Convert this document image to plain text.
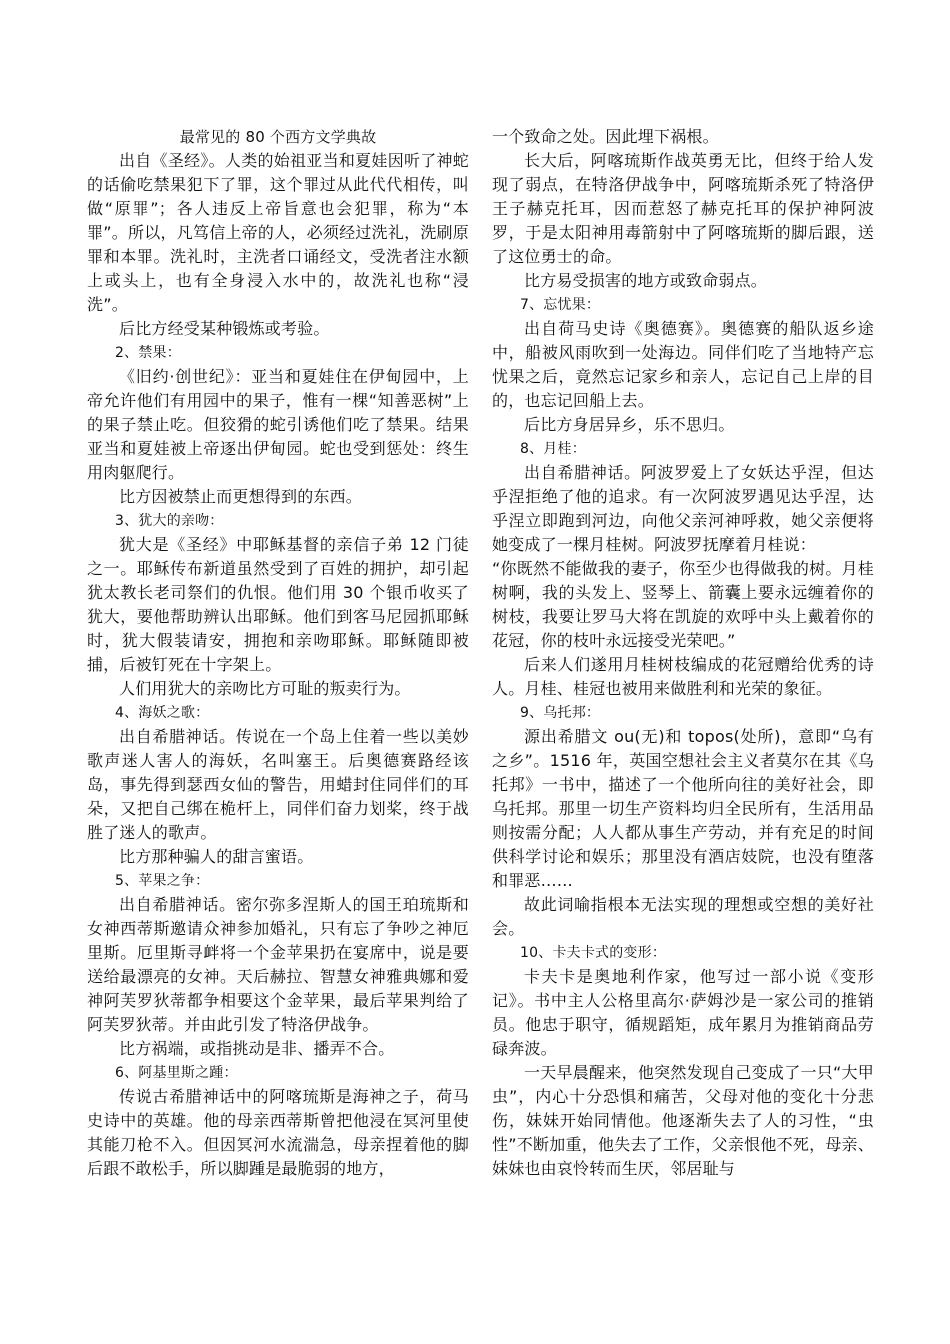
最常见的 80 个西方文学典故

出自《圣经》。人类的始祖亚当和夏娃因听了神蛇的话偷吃禁果犯下了罪，这个罪过从此代代相传，叫做“原罪”；各人违反上帝旨意也会犯罪，称为“本罪”。所以，凡笃信上帝的人，必须经过洗礼，洗刷原罪和本罪。洗礼时，主洗者口诵经文，受洗者注水额上或头上，也有全身浸入水中的，故洗礼也称“浸洗”。

后比方经受某种锻炼或考验。

2、禁果：

《旧约·创世纪》：亚当和夏娃住在伊甸园中，上帝允许他们有用园中的果子，惟有一棵“知善恶树”上的果子禁止吃。但狡猾的蛇引诱他们吃了禁果。结果亚当和夏娃被上帝逐出伊甸园。蛇也受到惩处：终生用肉躯爬行。

比方因被禁止而更想得到的东西。

3、犹大的亲吻：

犹大是《圣经》中耶稣基督的亲信子弟 12 门徒之一。耶稣传布新道虽然受到了百姓的拥护，却引起犹太教长老司祭们的仇恨。他们用 30 个银币收买了犹大，要他帮助辨认出耶稣。他们到客马尼园抓耶稣时，犹大假装请安，拥抱和亲吻耶稣。耶稣随即被捕，后被钉死在十字架上。

人们用犹大的亲吻比方可耻的叛卖行为。

4、海妖之歌：

出自希腊神话。传说在一个岛上住着一些以美妙歌声迷人害人的海妖，名叫塞王。后奥德赛路经该岛，事先得到瑟西女仙的警告，用蜡封住同伴们的耳朵，又把自己绑在桅杆上，同伴们奋力划桨，终于战胜了迷人的歌声。

比方那种骗人的甜言蜜语。

5、苹果之争：

出自希腊神话。密尔弥多涅斯人的国王珀琉斯和女神西蒂斯邀请众神参加婚礼，只有忘了争吵之神厄里斯。厄里斯寻衅将一个金苹果扔在宴席中，说是要送给最漂亮的女神。天后赫拉、智慧女神雅典娜和爱神阿芙罗狄蒂都争相要这个金苹果，最后苹果判给了阿芙罗狄蒂。并由此引发了特洛伊战争。

比方祸端，或指挑动是非、播弄不合。

6、阿基里斯之踵：

传说古希腊神话中的阿喀琉斯是海神之子，荷马史诗中的英雄。他的母亲西蒂斯曾把他浸在冥河里使其能刀枪不入。但因冥河水流湍急，母亲捏着他的脚后跟不敢松手，所以脚踵是最脆弱的地方，

一个致命之处。因此埋下祸根。

长大后，阿喀琉斯作战英勇无比，但终于给人发现了弱点，在特洛伊战争中，阿喀琉斯杀死了特洛伊王子赫克托耳，因而惹怒了赫克托耳的保护神阿波罗，于是太阳神用毒箭射中了阿喀琉斯的脚后跟，送了这位勇士的命。

比方易受损害的地方或致命弱点。

7、忘忧果：

出自荷马史诗《奥德赛》。奥德赛的船队返乡途中，船被风雨吹到一处海边。同伴们吃了当地特产忘忧果之后，竟然忘记家乡和亲人，忘记自己上岸的目的，也忘记回船上去。

后比方身居异乡，乐不思归。

8、月桂：

出自希腊神话。阿波罗爱上了女妖达乎涅，但达乎涅拒绝了他的追求。有一次阿波罗遇见达乎涅，达乎涅立即跑到河边，向他父亲河神呼救，她父亲便将她变成了一棵月桂树。阿波罗抚摩着月桂说：

“你既然不能做我的妻子，你至少也得做我的树。月桂树啊，我的头发上、竖琴上、箭囊上要永远缠着你的树枝，我要让罗马大将在凯旋的欢呼中头上戴着你的花冠，你的枝叶永远接受光荣吧。”

后来人们遂用月桂树枝编成的花冠赠给优秀的诗人。月桂、桂冠也被用来做胜利和光荣的象征。

9、乌托邦：

源出希腊文 ou(无)和 topos(处所)，意即“乌有之乡”。1516 年，英国空想社会主义者莫尔在其《乌托邦》一书中，描述了一个他所向往的美好社会，即乌托邦。那里一切生产资料均归全民所有，生活用品则按需分配；人人都从事生产劳动，并有充足的时间供科学讨论和娱乐；那里没有酒店妓院，也没有堕落和罪恶……

故此词喻指根本无法实现的理想或空想的美好社会。

10、卡夫卡式的变形：

卡夫卡是奥地利作家，他写过一部小说《变形记》。书中主人公格里高尔·萨姆沙是一家公司的推销员。他忠于职守，循规蹈矩，成年累月为推销商品劳碌奔波。

一天早晨醒来，他突然发现自己变成了一只“大甲虫”，内心十分恐惧和痛苦，父母对他的变化十分悲伤，妹妹开始同情他。他逐渐失去了人的习性，“虫性”不断加重，他失去了工作，父亲恨他不死，母亲、妹妹也由哀怜转而生厌，邻居耻与
